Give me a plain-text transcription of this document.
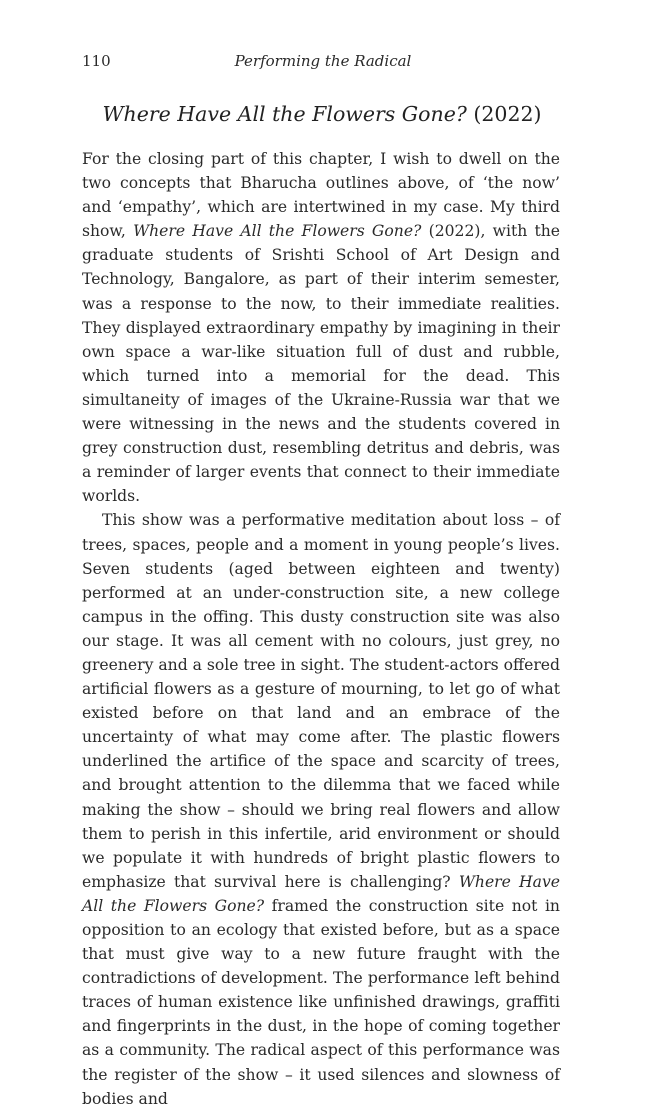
110	Performing the Radical
Where Have All the Flowers Gone? (2022)

For the closing part of this chapter, I wish to dwell on the two concepts that Bharucha outlines above, of ‘the now’ and ‘empathy’, which are intertwined in my case. My third show, Where Have All the Flowers Gone? (2022), with the graduate students of Srishti School of Art Design and Technology, Bangalore, as part of their interim semester, was a response to the now, to their immediate realities. They displayed extraordinary empathy by imagining in their own space a war-like situation full of dust and rubble, which turned into a memorial for the dead. This simultaneity of images of the Ukraine-Russia war that we were witnessing in the news and the students covered in grey construction dust, resembling detritus and debris, was a reminder of larger events that connect to their immediate worlds.

This show was a performative meditation about loss – of trees, spaces, people and a moment in young people’s lives. Seven students (aged between eighteen and twenty) performed at an under-construction site, a new college campus in the offing. This dusty construction site was also our stage. It was all cement with no colours, just grey, no greenery and a sole tree in sight. The student-actors offered artificial flowers as a gesture of mourning, to let go of what existed before on that land and an embrace of the uncertainty of what may come after. The plastic flowers underlined the artifice of the space and scarcity of trees, and brought attention to the dilemma that we faced while making the show – should we bring real flowers and allow them to perish in this infertile, arid environment or should we populate it with hundreds of bright plastic flowers to emphasize that survival here is challenging? Where Have All the Flowers Gone? framed the construction site not in opposition to an ecology that existed before, but as a space that must give way to a new future fraught with the contradictions of development. The performance left behind traces of human existence like unfinished drawings, graffiti and fingerprints in the dust, in the hope of coming together as a community. The radical aspect of this performance was the register of the show – it used silences and slowness of bodies and
